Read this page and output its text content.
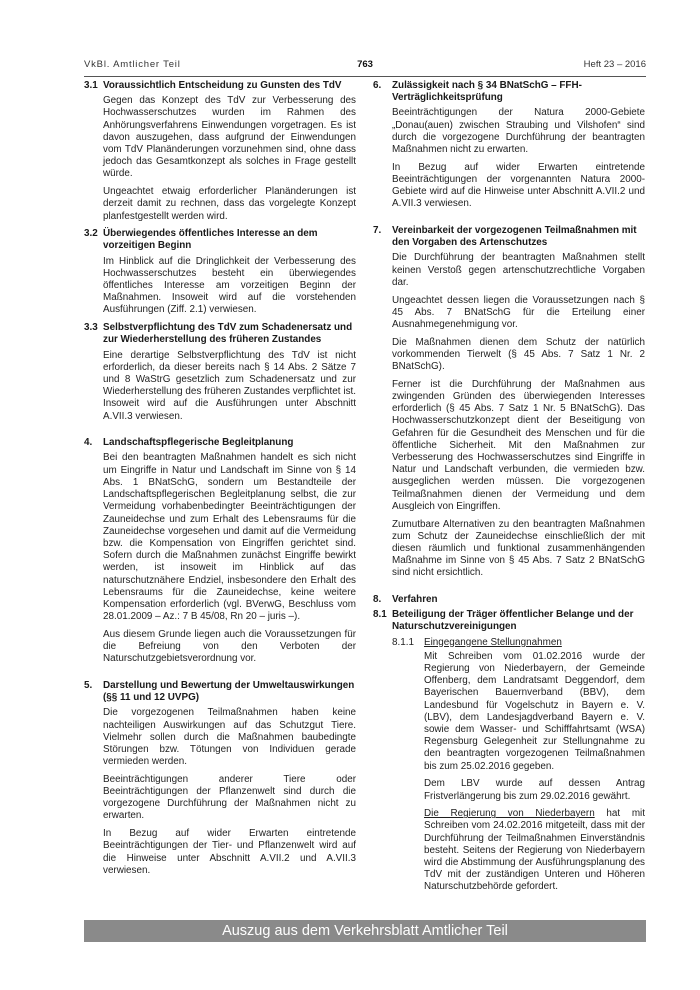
VkBl. Amtlicher Teil	763	Heft 23 – 2016
3.1 Voraussichtlich Entscheidung zu Gunsten des TdV

Gegen das Konzept des TdV zur Verbesserung des Hochwasserschutzes wurden im Rahmen des Anhörungsverfahrens Einwendungen vorgetragen. Es ist davon auszugehen, dass aufgrund der Einwendungen vom TdV Planänderungen vorzunehmen sind, ohne dass jedoch das Gesamtkonzept als solches in Frage gestellt würde.

Ungeachtet etwaig erforderlicher Planänderungen ist derzeit damit zu rechnen, dass das vorgelegte Konzept planfestgestellt werden wird.

3.2 Überwiegendes öffentliches Interesse an dem vorzeitigen Beginn

Im Hinblick auf die Dringlichkeit der Verbesserung des Hochwasserschutzes besteht ein überwiegendes öffentliches Interesse am vorzeitigen Beginn der Maßnahmen. Insoweit wird auf die vorstehenden Ausführungen (Ziff. 2.1) verwiesen.

3.3 Selbstverpflichtung des TdV zum Schadenersatz und zur Wiederherstellung des früheren Zustandes

Eine derartige Selbstverpflichtung des TdV ist nicht erforderlich, da dieser bereits nach § 14 Abs. 2 Sätze 7 und 8 WaStrG gesetzlich zum Schadenersatz und zur Wiederherstellung des früheren Zustandes verpflichtet ist. Insoweit wird auf die Ausführungen unter Abschnitt A.VII.3 verwiesen.

4.	Landschaftspflegerische Begleitplanung

Bei den beantragten Maßnahmen handelt es sich nicht um Eingriffe in Natur und Landschaft im Sinne von § 14 Abs. 1 BNatSchG, sondern um Bestandteile der Landschaftspflegerischen Begleitplanung selbst, die zur Vermeidung vorhabenbedingter Beeinträchtigungen der Zauneidechse und zum Erhalt des Lebensraums für die Zauneidechse vorgesehen und damit auf die Vermeidung bzw. die Kompensation von Eingriffen gerichtet sind. Sofern durch die Maßnahmen zunächst Eingriffe bewirkt werden, ist insoweit im Hinblick auf das naturschutznähere Endziel, insbesondere den Erhalt des Lebensraums für die Zauneidechse, keine weitere Kompensation erforderlich (vgl. BVerwG, Beschluss vom 28.01.2009 – Az.: 7 B 45/08, Rn 20 – juris –).

Aus diesem Grunde liegen auch die Voraussetzungen für die Befreiung von den Verboten der Naturschutzgebietsverordnung vor.

5.	Darstellung und Bewertung der Umweltauswirkungen (§§ 11 und 12 UVPG)

Die vorgezogenen Teilmaßnahmen haben keine nachteiligen Auswirkungen auf das Schutzgut Tiere. Vielmehr sollen durch die Maßnahmen baubedingte Störungen bzw. Tötungen von Individuen gerade vermieden werden.

Beeinträchtigungen anderer Tiere oder Beeinträchtigungen der Pflanzenwelt sind durch die vorgezogene Durchführung der Maßnahmen nicht zu erwarten.

In Bezug auf wider Erwarten eintretende Beeinträchtigungen der Tier- und Pflanzenwelt wird auf die Hinweise unter Abschnitt A.VII.2 und A.VII.3 verwiesen.

6.	Zulässigkeit nach § 34 BNatSchG – FFH-Verträglichkeitsprüfung

Beeinträchtigungen der Natura 2000-Gebiete „Donau(auen) zwischen Straubing und Vilshofen“ sind durch die vorgezogene Durchführung der beantragten Maßnahmen nicht zu erwarten.

In Bezug auf wider Erwarten eintretende Beeinträchtigungen der vorgenannten Natura 2000-Gebiete wird auf die Hinweise unter Abschnitt A.VII.2 und A.VII.3 verwiesen.

7.	Vereinbarkeit der vorgezogenen Teilmaßnahmen mit den Vorgaben des Artenschutzes

Die Durchführung der beantragten Maßnahmen stellt keinen Verstoß gegen artenschutzrechtliche Vorgaben dar.

Ungeachtet dessen liegen die Voraussetzungen nach § 45 Abs. 7 BNatSchG für die Erteilung einer Ausnahmegenehmigung vor.

Die Maßnahmen dienen dem Schutz der natürlich vorkommenden Tierwelt (§ 45 Abs. 7 Satz 1 Nr. 2 BNatSchG).

Ferner ist die Durchführung der Maßnahmen aus zwingenden Gründen des überwiegenden Interesses erforderlich (§ 45 Abs. 7 Satz 1 Nr. 5 BNatSchG). Das Hochwasserschutzkonzept dient der Beseitigung von Gefahren für die Gesundheit des Menschen und für die öffentliche Sicherheit. Mit den Maßnahmen zur Verbesserung des Hochwasserschutzes sind Eingriffe in Natur und Landschaft verbunden, die vermieden bzw. ausgeglichen werden müssen. Die vorgezogenen Teilmaßnahmen dienen der Vermeidung und dem Ausgleich von Eingriffen.

Zumutbare Alternativen zu den beantragten Maßnahmen zum Schutz der Zauneidechse einschließlich der mit diesen räumlich und funktional zusammenhängenden Maßnahme im Sinne von § 45 Abs. 7 Satz 2 BNatSchG sind nicht ersichtlich.

8.	Verfahren
8.1 Beteiligung der Träger öffentlicher Belange und der Naturschutzvereinigungen
8.1.1	Eingegangene Stellungnahmen

Mit Schreiben vom 01.02.2016 wurde der Regierung von Niederbayern, der Gemeinde Offenberg, dem Landratsamt Deggendorf, dem Bayerischen Bauernverband (BBV), dem Landesbund für Vogelschutz in Bayern e. V. (LBV), dem Landesjagdverband Bayern e. V. sowie dem Wasser- und Schifffahrtsamt (WSA) Regensburg Gelegenheit zur Stellungnahme zu den beantragten vorgezogenen Teilmaßnahmen bis zum 25.02.2016 gegeben.

Dem LBV wurde auf dessen Antrag Fristverlängerung bis zum 29.02.2016 gewährt.

Die Regierung von Niederbayern hat mit Schreiben vom 24.02.2016 mitgeteilt, dass mit der Durchführung der Teilmaßnahmen Einverständnis besteht. Seitens der Regierung von Niederbayern wird die Abstimmung der Ausführungsplanung des TdV mit der zuständigen Unteren und Höheren Naturschutzbehörde gefordert.

Auszug aus dem Verkehrsblatt Amtlicher Teil
